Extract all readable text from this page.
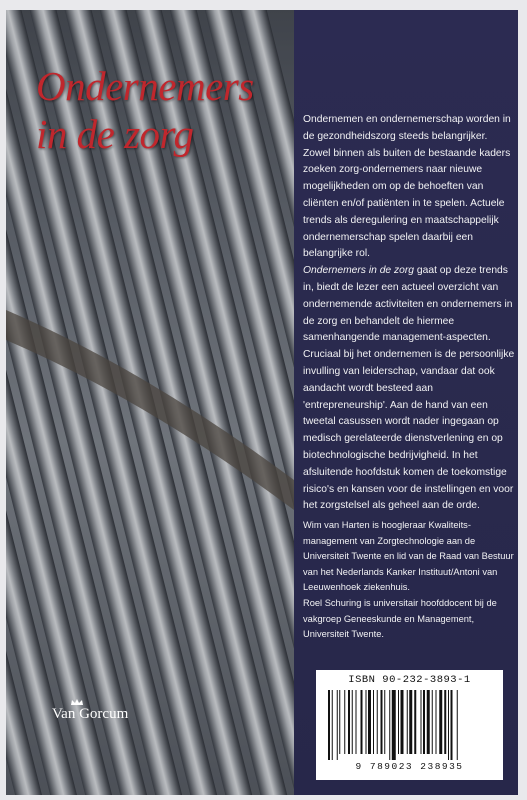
Ondernemers
in de zorg	Ondernemen en ondernemerschap worden in de gezondheidszorg steeds belangrijker. Zowel binnen als buiten de bestaande kaders zoeken zorg-ondernemers naar nieuwe mogelijkheden om op de behoeften van cliënten en/of patiënten in te spelen. Actuele trends als deregulering en maatschappelijk ondernemerschap spelen daarbij een belangrijke rol.

Ondernemers in de zorg gaat op deze trends in, biedt de lezer een actueel overzicht van ondernemende activiteiten en ondernemers in de zorg en behandelt de hiermee samenhangende management-aspecten. Cruciaal bij het ondernemen is de persoonlijke invulling van leiderschap, vandaar dat ook aandacht wordt besteed aan 'entrepreneurship'. Aan de hand van een tweetal casussen wordt nader ingegaan op medisch gerelateerde dienstverlening en op biotechnologische bedrijvigheid. In het afsluitende hoofdstuk komen de toekomstige risico's en kansen voor de instellingen en voor het zorgstelsel als geheel aan de orde.

Wim van Harten is hoogleraar Kwaliteits-management van Zorgtechnologie aan de Universiteit Twente en lid van de Raad van Bestuur van het Nederlands Kanker Instituut/Antoni van Leeuwenhoek ziekenhuis.

Roel Schuring is universitair hoofddocent bij de vakgroep Geneeskunde en Management, Universiteit Twente.

ISBN 90-232-3893-1
9 789023 238935
Van Gorcum
